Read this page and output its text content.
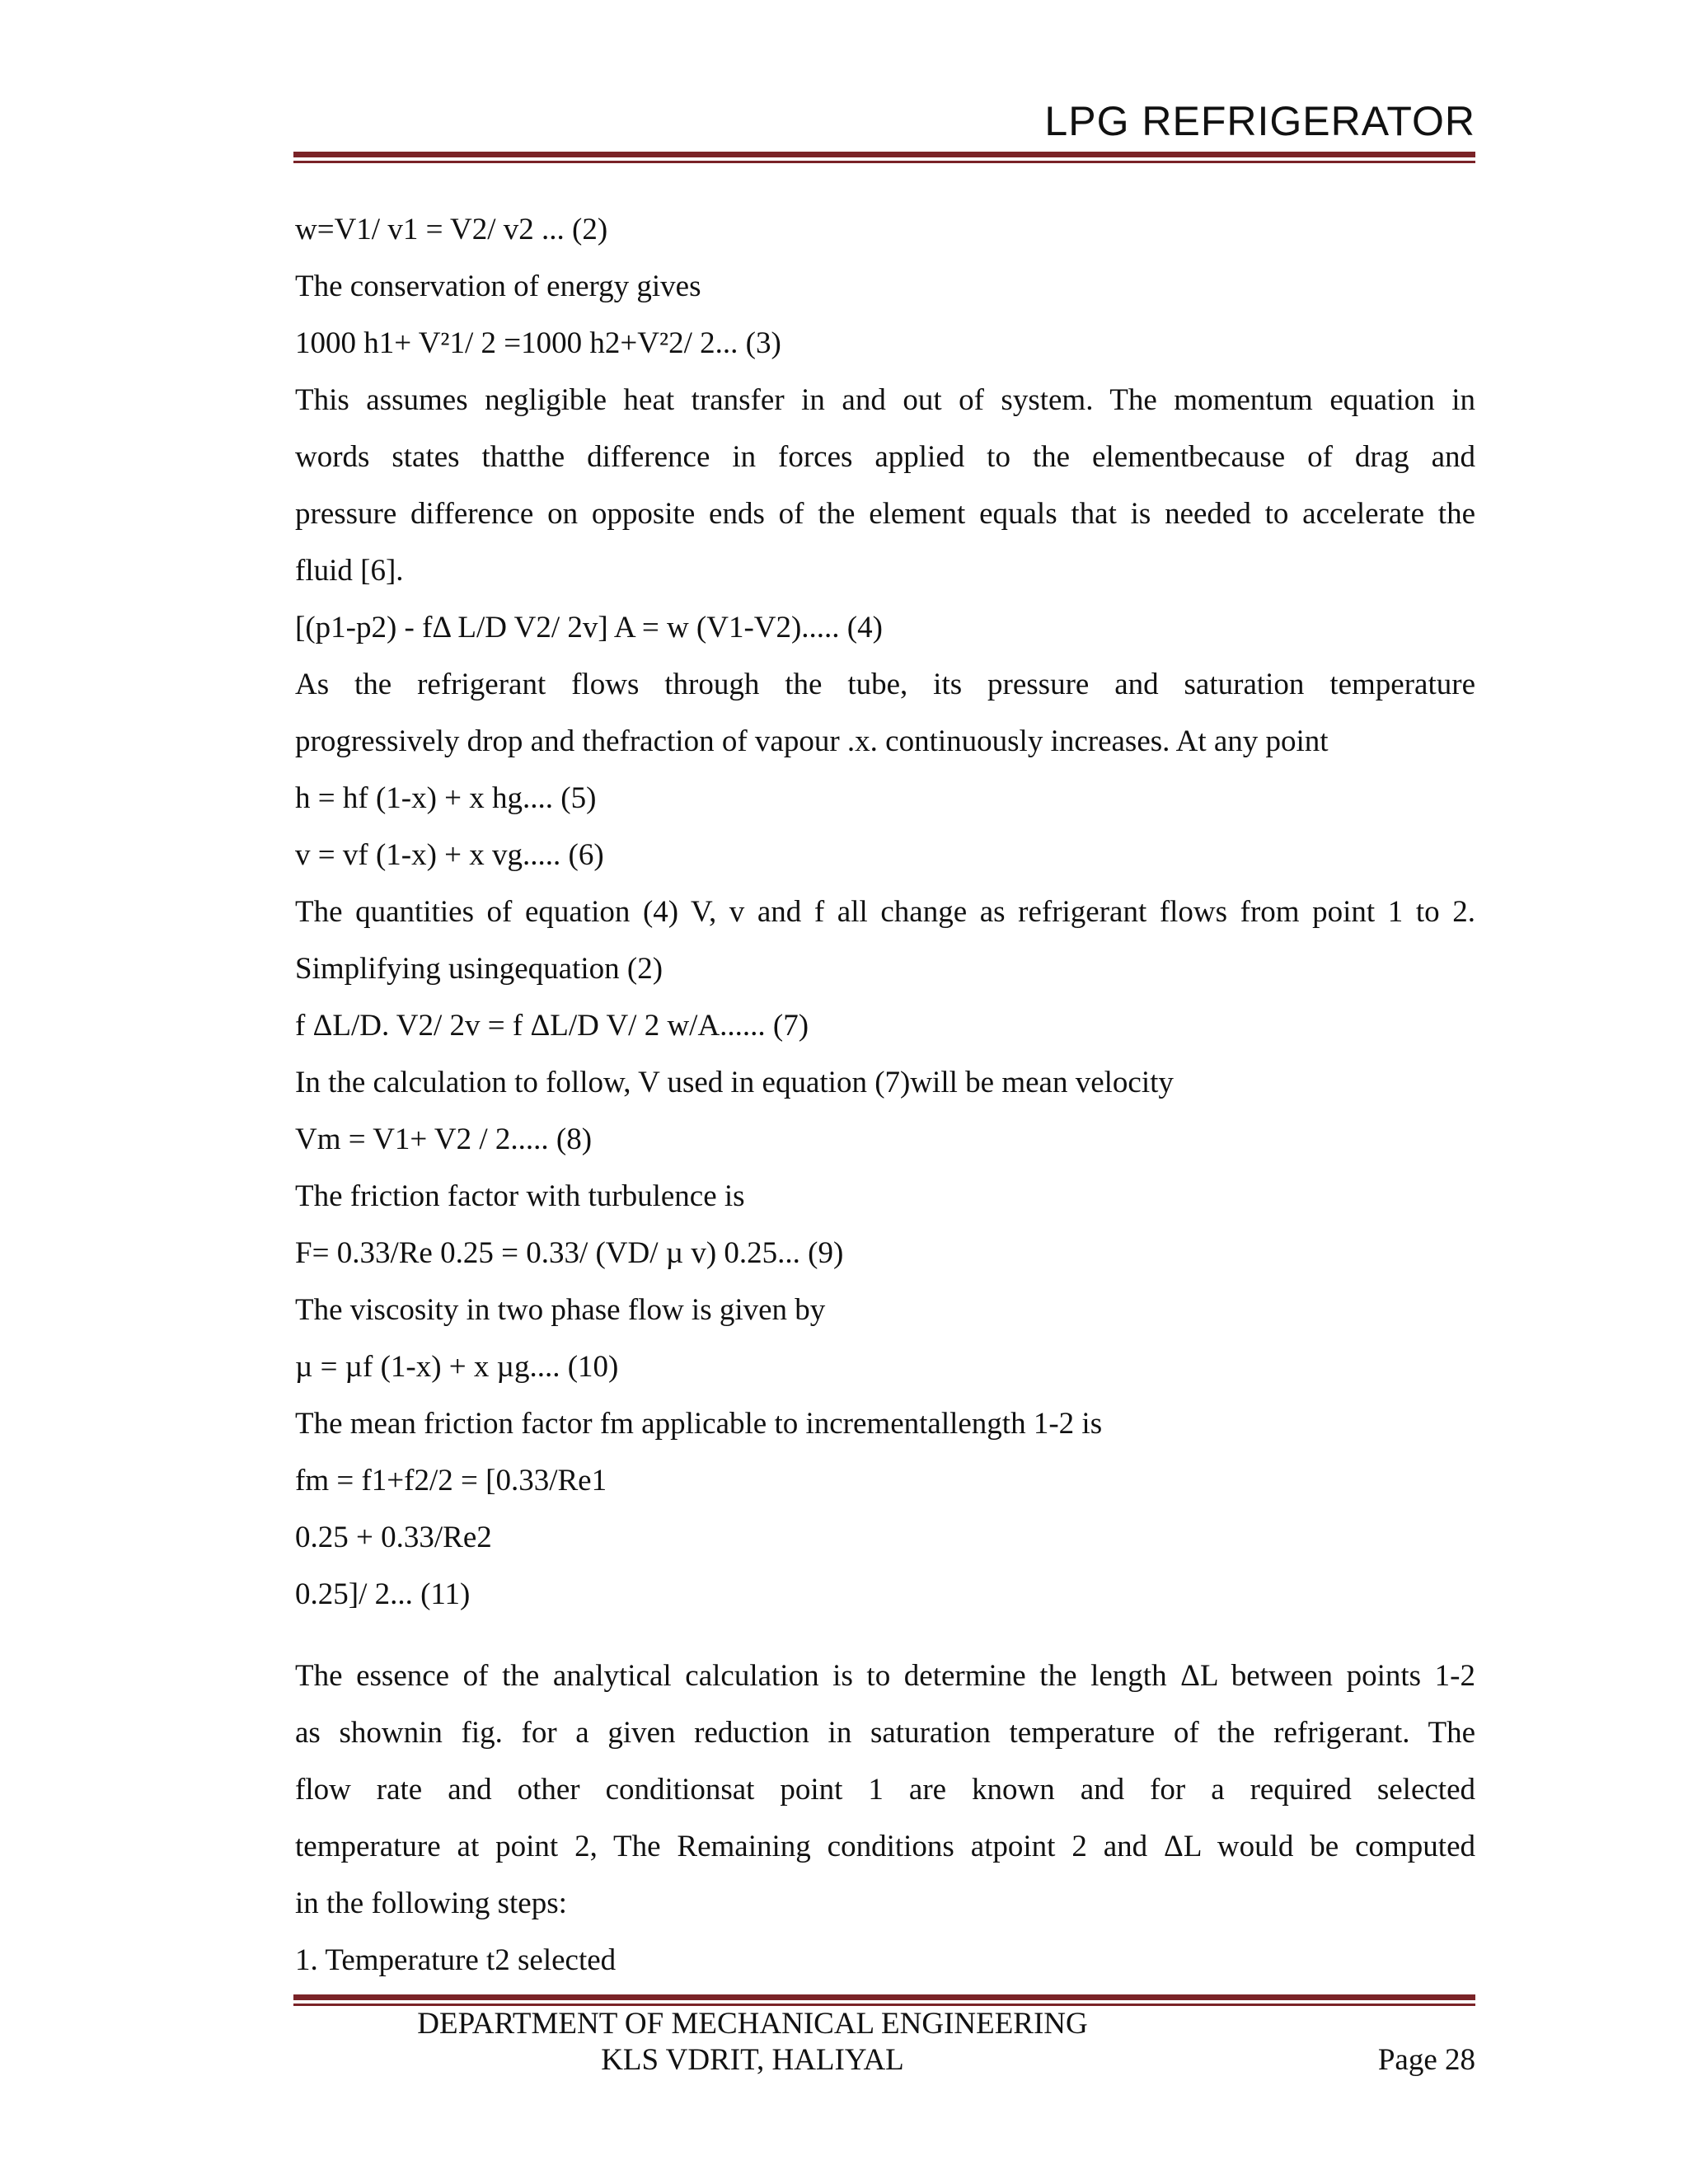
LPG REFRIGERATOR
w=V1/ v1 = V2/ v2 ... (2)
The conservation of energy gives
1000 h1+ V²1/ 2 =1000 h2+V²2/ 2... (3)
This assumes negligible heat transfer in and out of system. The momentum equation in
words states thatthe difference in forces applied to the elementbecause of drag and
pressure difference on opposite ends of the element equals that is needed to accelerate the
fluid [6].
[(p1-p2) - fΔ L/D V2/ 2v] A = w (V1-V2)..... (4)
As the refrigerant flows through the tube, its pressure and saturation temperature
progressively drop and thefraction of vapour .x. continuously increases. At any point
h = hf (1-x) + x hg.... (5)
v = vf (1-x) + x vg..... (6)
The quantities of equation (4) V, v and f all change as refrigerant flows from point 1 to 2.
Simplifying usingequation (2)
f ΔL/D. V2/ 2v = f ΔL/D V/ 2 w/A...... (7)
In the calculation to follow, V used in equation (7)will be mean velocity
Vm = V1+ V2 / 2..... (8)
The friction factor with turbulence is
F= 0.33/Re 0.25 = 0.33/ (VD/ µ v) 0.25... (9)
The viscosity in two phase flow is given by
µ = µf (1-x) + x µg.... (10)
The mean friction factor fm applicable to incrementallength 1-2 is
fm = f1+f2/2 = [0.33/Re1
0.25 + 0.33/Re2
0.25]/ 2... (11)
The essence of the analytical calculation is to determine the length ΔL between points 1-2
as shownin fig. for a given reduction in saturation temperature of the refrigerant. The
flow rate and other conditionsat point 1 are known and for a required selected
temperature at point 2, The Remaining conditions atpoint 2 and ΔL would be computed
in the following steps:
1. Temperature t2 selected
DEPARTMENT OF MECHANICAL ENGINEERING
KLS VDRIT, HALIYAL	Page 28
